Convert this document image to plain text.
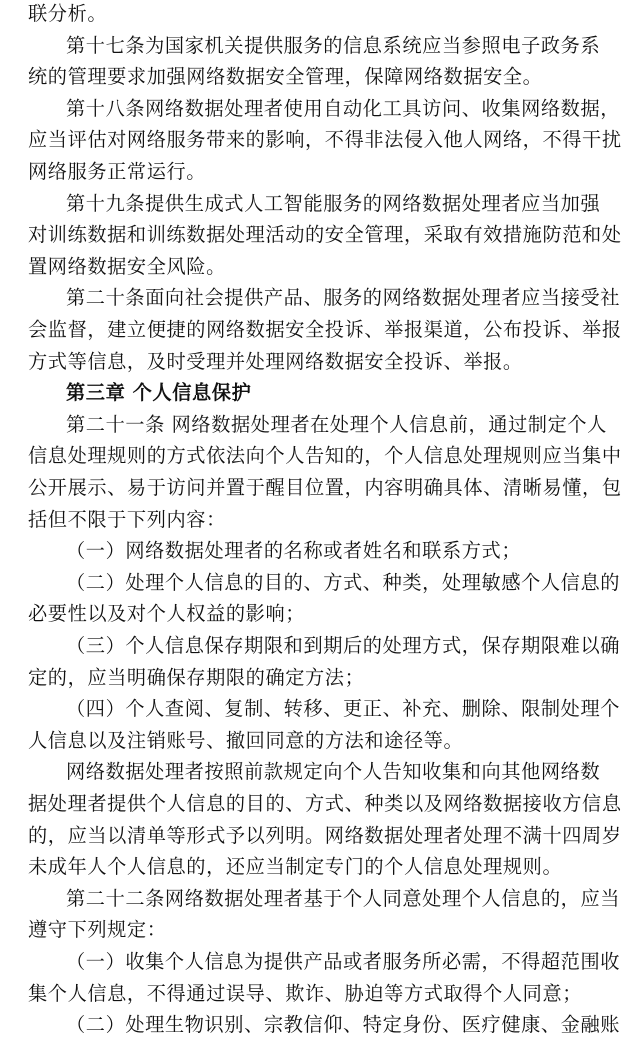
联分析。
第十七条为国家机关提供服务的信息系统应当参照电子政务系
统的管理要求加强网络数据安全管理，保障网络数据安全。
第十八条网络数据处理者使用自动化工具访问、收集网络数据，
应当评估对网络服务带来的影响，不得非法侵入他人网络，不得干扰
网络服务正常运行。
第十九条提供生成式人工智能服务的网络数据处理者应当加强
对训练数据和训练数据处理活动的安全管理，采取有效措施防范和处
置网络数据安全风险。
第二十条面向社会提供产品、服务的网络数据处理者应当接受社
会监督，建立便捷的网络数据安全投诉、举报渠道，公布投诉、举报
方式等信息，及时受理并处理网络数据安全投诉、举报。
第三章 个人信息保护
第二十一条 网络数据处理者在处理个人信息前，通过制定个人
信息处理规则的方式依法向个人告知的，个人信息处理规则应当集中
公开展示、易于访问并置于醒目位置，内容明确具体、清晰易懂，包
括但不限于下列内容：
（一）网络数据处理者的名称或者姓名和联系方式；
（二）处理个人信息的目的、方式、种类，处理敏感个人信息的
必要性以及对个人权益的影响；
（三）个人信息保存期限和到期后的处理方式，保存期限难以确
定的，应当明确保存期限的确定方法；
（四）个人查阅、复制、转移、更正、补充、删除、限制处理个
人信息以及注销账号、撤回同意的方法和途径等。
网络数据处理者按照前款规定向个人告知收集和向其他网络数
据处理者提供个人信息的目的、方式、种类以及网络数据接收方信息
的，应当以清单等形式予以列明。网络数据处理者处理不满十四周岁
未成年人个人信息的，还应当制定专门的个人信息处理规则。
第二十二条网络数据处理者基于个人同意处理个人信息的，应当
遵守下列规定：
（一）收集个人信息为提供产品或者服务所必需，不得超范围收
集个人信息，不得通过误导、欺诈、胁迫等方式取得个人同意；
（二）处理生物识别、宗教信仰、特定身份、医疗健康、金融账
